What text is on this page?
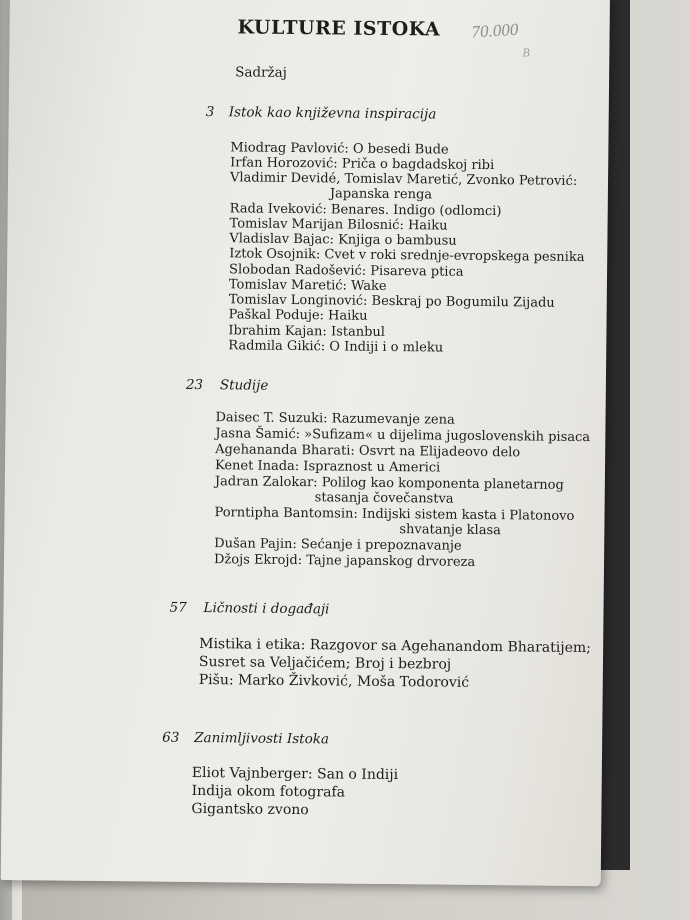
KULTURE ISTOKA 70.000
B
Sadržaj
3 Istok kao književna inspiracija
Miodrag Pavlović: O besedi Bude
Irfan Horozović: Priča o bagdadskoj ribi
Vladimir Devidé, Tomislav Maretić, Zvonko Petrović:
Japanska renga
Rada Iveković: Benares. Indigo (odlomci)
Tomislav Marijan Bilosnić: Haiku
Vladislav Bajac: Knjiga o bambusu
Iztok Osojnik: Cvet v roki srednje-evropskega pesnika
Slobodan Radošević: Pisareva ptica
Tomislav Maretić: Wake
Tomislav Longinović: Beskraj po Bogumilu Zijadu
Paškal Poduje: Haiku
Ibrahim Kajan: Istanbul
Radmila Gikić: O Indiji i o mleku
23 Studije
Daisec T. Suzuki: Razumevanje zena
Jasna Šamić: »Sufizam« u dijelima jugoslovenskih pisaca
Agehananda Bharati: Osvrt na Elijadeovo delo
Kenet Inada: Ispraznost u Americi
Jadran Zalokar: Polilog kao komponenta planetarnog
stasanja čovečanstva
Porntipha Bantomsin: Indijski sistem kasta i Platonovo
shvatanje klasa
Dušan Pajin: Sećanje i prepoznavanje
Džojs Ekrojd: Tajne japanskog drvoreza
57 Ličnosti i događaji
Mistika i etika: Razgovor sa Agehanandom Bharatijem;
Susret sa Veljačićem; Broj i bezbroj
Pišu: Marko Živković, Moša Todorović
63 Zanimljivosti Istoka
Eliot Vajnberger: San o Indiji
Indija okom fotografa
Gigantsko zvono
